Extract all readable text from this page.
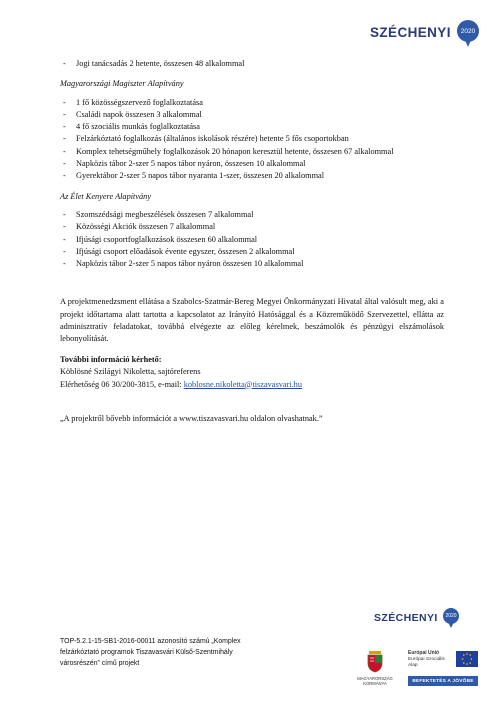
SZÉCHENYI	2020
- Jogi tanácsadás 2 hetente, összesen 48 alkalommal
Magyarországi Magiszter Alapítvány
- 1 fő közösségszervező foglalkoztatása
- Családi napok összesen 3 alkalommal
- 4 fő szociális munkás foglalkoztatása
- Felzárkóztató foglalkozás (általános iskolások részére) hetente 5 fős csoportokban
- Komplex tehetségműhely foglalkozások 20 hónapon keresztül hetente, összesen 67 alkalommal
- Napközis tábor 2-szer 5 napos tábor nyáron, összesen 10 alkalommal
- Gyerektábor 2-szer 5 napos tábor nyaranta 1-szer, összesen 20 alkalommal
Az Élet Kenyere Alapítvány
- Szomszédsági megbeszélések összesen 7 alkalommal
- Közösségi Akciók összesen 7 alkalommal
- Ifjúsági csoportfoglalkozások összesen 60 alkalommal
- Ifjúsági csoport előadások évente egyszer, összesen 2 alkalommal
- Napközis tábor 2-szer 5 napos tábor nyáron összesen 10 alkalommal

A projektmenedzsment ellátása a Szabolcs-Szatmár-Bereg Megyei Önkormányzati Hivatal által valósult meg, aki a projekt időtartama alatt tartotta a kapcsolatot az Irányító Hatósággal és a Közreműködő Szervezettel, ellátta az adminisztratív feladatokat, továbbá elvégezte az előleg kérelmek, beszámolók és pénzügyi elszámolások lebonyolítását.

További információ kérhető:
Köblösné Szilágyi Nikoletta, sajtóreferens
Elérhetőség 06 30/200-3815, e-mail: koblosne.nikoletta@tiszavasvari.hu
„A projektről bővebb információt a www.tiszavasvari.hu oldalon olvashatnak.”
TOP-5.2.1-15-SB1-2016-00011 azonosító számú „Komplex
felzárkóztató programok Tiszavasvári Külső-Szentmihály
városrészén” című projekt
SZÉCHENYI	2020
MAGYARORSZÁG
KORMÁNYA
Európai Unió
Európai Szociális
Alap
BEFEKTETÉS A JÖVŐBE
